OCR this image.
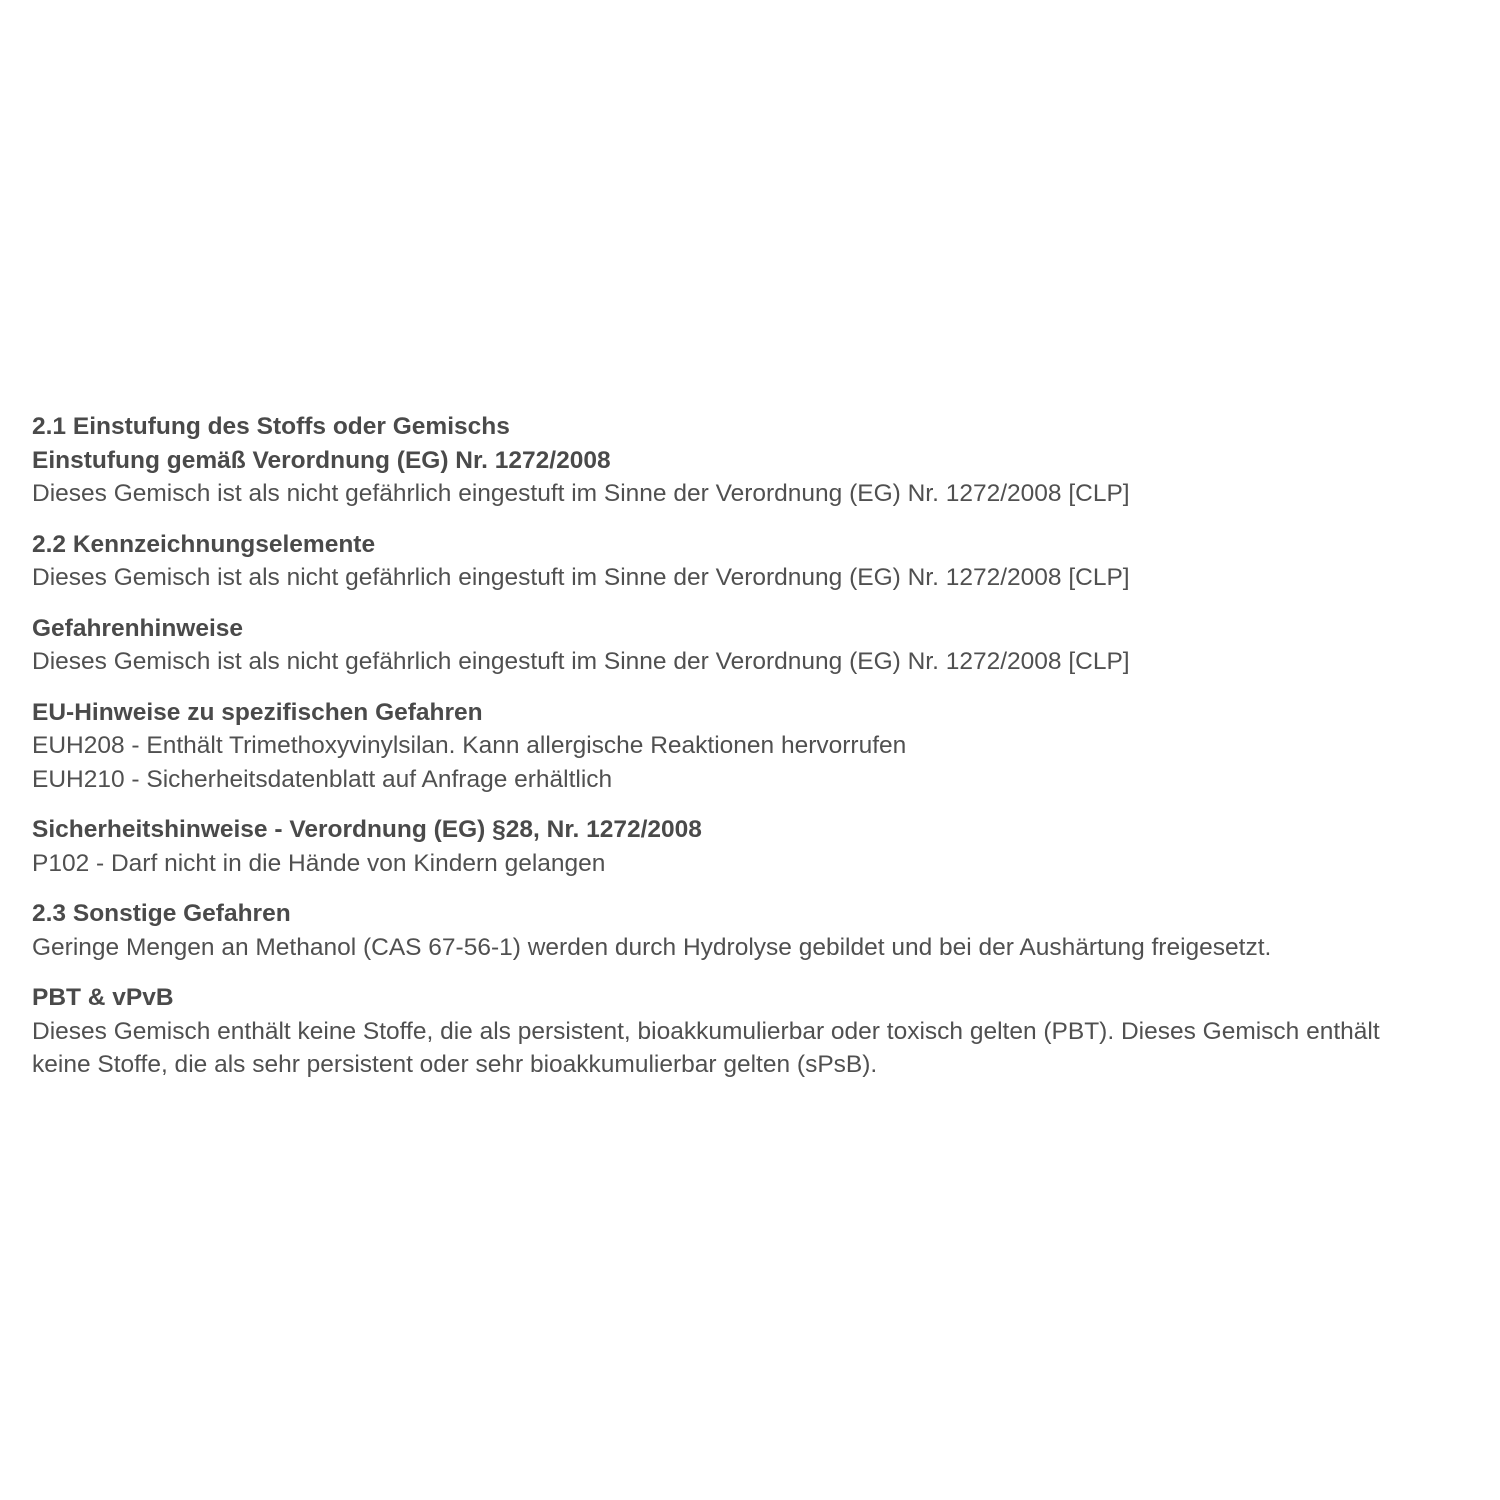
2.1 Einstufung des Stoffs oder Gemischs
Einstufung gemäß Verordnung (EG) Nr. 1272/2008
Dieses Gemisch ist als nicht gefährlich eingestuft im Sinne der Verordnung (EG) Nr. 1272/2008 [CLP]
2.2 Kennzeichnungselemente
Dieses Gemisch ist als nicht gefährlich eingestuft im Sinne der Verordnung (EG) Nr. 1272/2008 [CLP]
Gefahrenhinweise
Dieses Gemisch ist als nicht gefährlich eingestuft im Sinne der Verordnung (EG) Nr. 1272/2008 [CLP]
EU-Hinweise zu spezifischen Gefahren
EUH208 - Enthält Trimethoxyvinylsilan. Kann allergische Reaktionen hervorrufen
EUH210 - Sicherheitsdatenblatt auf Anfrage erhältlich
Sicherheitshinweise - Verordnung (EG) §28, Nr. 1272/2008
P102 - Darf nicht in die Hände von Kindern gelangen
2.3 Sonstige Gefahren
Geringe Mengen an Methanol (CAS 67-56-1) werden durch Hydrolyse gebildet und bei der Aushärtung freigesetzt.
PBT & vPvB
Dieses Gemisch enthält keine Stoffe, die als persistent, bioakkumulierbar oder toxisch gelten (PBT). Dieses Gemisch enthält
keine Stoffe, die als sehr persistent oder sehr bioakkumulierbar gelten (sPsB).
